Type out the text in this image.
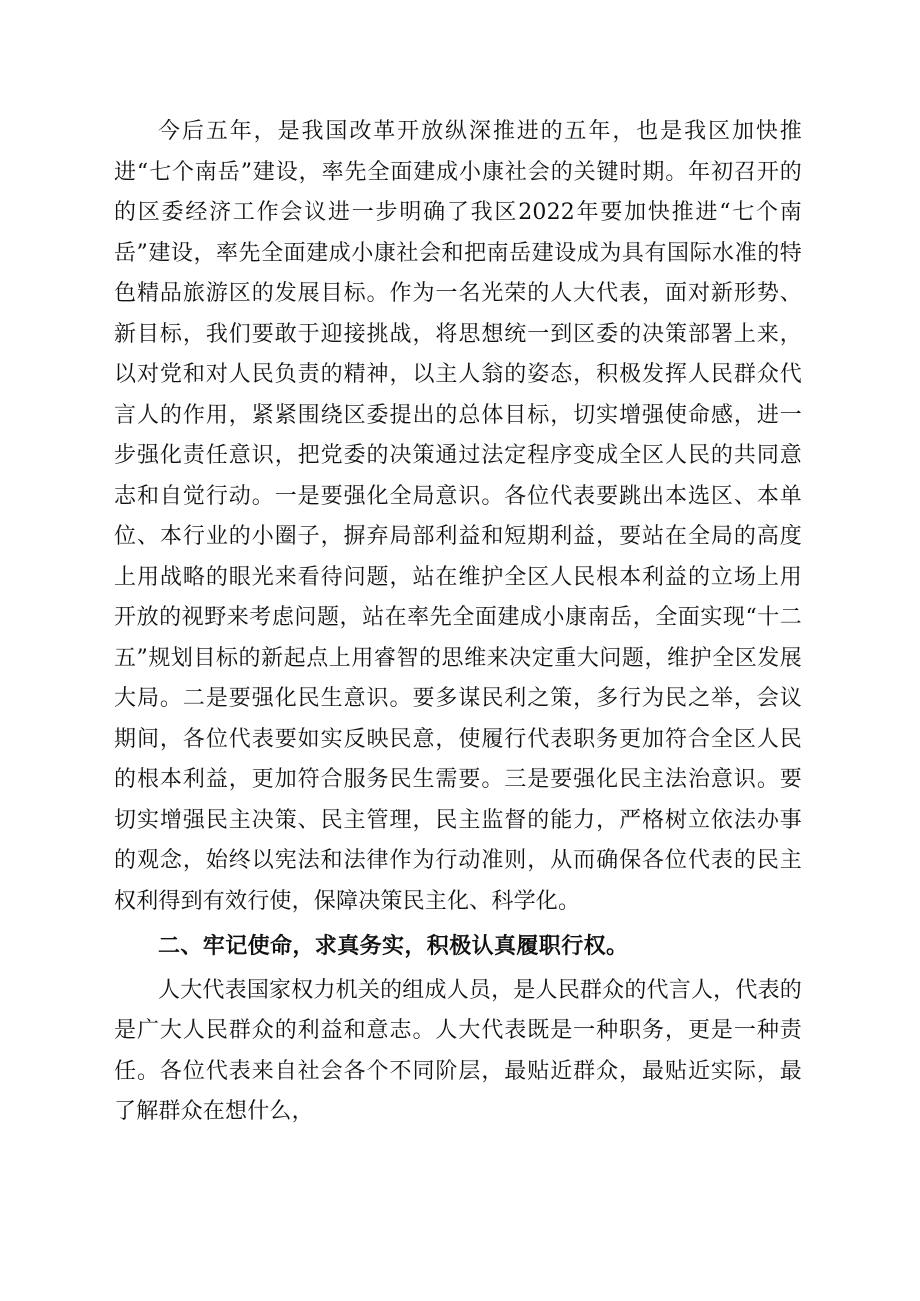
今后五年，是我国改革开放纵深推进的五年，也是我区加快推进“七个南岳”建设，率先全面建成小康社会的关键时期。年初召开的的区委经济工作会议进一步明确了我区2022年要加快推进“七个南岳”建设，率先全面建成小康社会和把南岳建设成为具有国际水准的特色精品旅游区的发展目标。作为一名光荣的人大代表，面对新形势、新目标，我们要敢于迎接挑战，将思想统一到区委的决策部署上来，以对党和对人民负责的精神，以主人翁的姿态，积极发挥人民群众代言人的作用，紧紧围绕区委提出的总体目标，切实增强使命感，进一步强化责任意识，把党委的决策通过法定程序变成全区人民的共同意志和自觉行动。一是要强化全局意识。各位代表要跳出本选区、本单位、本行业的小圈子，摒弃局部利益和短期利益，要站在全局的高度上用战略的眼光来看待问题，站在维护全区人民根本利益的立场上用开放的视野来考虑问题，站在率先全面建成小康南岳，全面实现“十二五”规划目标的新起点上用睿智的思维来决定重大问题，维护全区发展大局。二是要强化民生意识。要多谋民利之策，多行为民之举，会议期间，各位代表要如实反映民意，使履行代表职务更加符合全区人民的根本利益，更加符合服务民生需要。三是要强化民主法治意识。要切实增强民主决策、民主管理，民主监督的能力，严格树立依法办事的观念，始终以宪法和法律作为行动准则，从而确保各位代表的民主权利得到有效行使，保障决策民主化、科学化。

二、牢记使命，求真务实，积极认真履职行权。

人大代表国家权力机关的组成人员，是人民群众的代言人，代表的是广大人民群众的利益和意志。人大代表既是一种职务，更是一种责任。各位代表来自社会各个不同阶层，最贴近群众，最贴近实际，最了解群众在想什么，
